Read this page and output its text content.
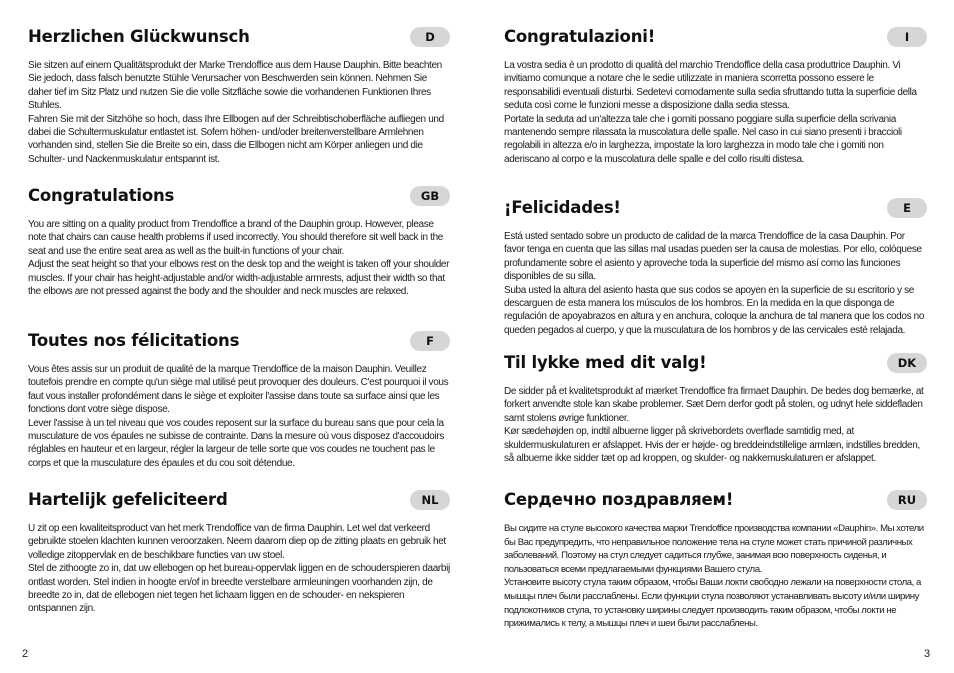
Herzlichen Glückwunsch	D

Sie sitzen auf einem Qualitätsprodukt der Marke Trendoffice aus dem Hause Dauphin. Bitte beachten Sie jedoch, dass falsch benutzte Stühle Verursacher von Beschwerden sein können. Nehmen Sie daher tief im Sitz Platz und nutzen Sie die volle Sitzfläche sowie die vorhandenen Funktionen Ihres Stuhles.

Fahren Sie mit der Sitzhöhe so hoch, dass Ihre Ellbogen auf der Schreibtischoberfläche aufliegen und dabei die Schultermuskulatur entlastet ist. Sofern höhen- und/oder breitenverstellbare Armlehnen vorhanden sind, stellen Sie die Breite so ein, dass die Ellbogen nicht am Körper anliegen und die Schulter- und Nackenmuskulatur entspannt ist.

Congratulations	GB

You are sitting on a quality product from Trendoffice a brand of the Dauphin group. However, please note that chairs can cause health problems if used incorrectly. You should therefore sit well back in the seat and use the entire seat area as well as the built-in functions of your chair.

Adjust the seat height so that your elbows rest on the desk top and the weight is taken off your shoulder muscles. If your chair has height-adjustable and/or width-adjustable armrests, adjust their width so that the elbows are not pressed against the body and the shoulder and neck muscles are relaxed.

Toutes nos félicitations	F

Vous êtes assis sur un produit de qualité de la marque Trendoffice de la maison Dauphin. Veuillez toutefois prendre en compte qu'un siège mal utilisé peut provoquer des douleurs. C'est pourquoi il vous faut vous installer profondément dans le siège et exploiter l'assise dans toute sa surface ainsi que les fonctions dont votre siège dispose.

Lever l'assise à un tel niveau que vos coudes reposent sur la surface du bureau sans que pour cela la musculature de vos épaules ne subisse de contrainte. Dans la mesure où vous disposez d'accoudoirs réglables en hauteur et en largeur, régler la largeur de telle sorte que vos coudes ne touchent pas le corps et que la musculature des épaules et du cou soit détendue.

Hartelijk gefeliciteerd	NL

U zit op een kwaliteitsproduct van het merk Trendoffice van de firma Dauphin. Let wel dat verkeerd gebruikte stoelen klachten kunnen veroorzaken. Neem daarom diep op de zitting plaats en gebruik het volledige zitoppervlak en de beschikbare functies van uw stoel.

Stel de zithoogte zo in, dat uw ellebogen op het bureau-oppervlak liggen en de schouderspieren daarbij ontlast worden. Stel indien in hoogte en/of in breedte verstelbare armleuningen voorhanden zijn, de breedte zo in, dat de ellebogen niet tegen het lichaam liggen en de schouder- en nekspieren ontspannen zijn.

2
Congratulazioni!	I

La vostra sedia è un prodotto di qualità del marchio Trendoffice della casa produttrice Dauphin. Vi invitiamo comunque a notare che le sedie utilizzate in maniera scorretta possono essere le responsabilidi eventuali disturbi. Sedetevi comodamente sulla sedia sfruttando tutta la superficie della seduta così come le funzioni messe a disposizione dalla sedia stessa.

Portate la seduta ad un'altezza tale che i gomiti possano poggiare sulla superficie della scrivania mantenendo sempre rilassata la muscolatura delle spalle. Nel caso in cui siano presenti i braccioli regolabili in altezza e/o in larghezza, impostate la loro larghezza in modo tale che i gomiti non aderiscano al corpo e la muscolatura delle spalle e del collo risulti distesa.

¡Felicidades!	E

Está usted sentado sobre un producto de calidad de la marca Trendoffice de la casa Dauphin. Por favor tenga en cuenta que las sillas mal usadas pueden ser la causa de molestias. Por ello, colóquese profundamente sobre el asiento y aproveche toda la superficie del mismo así como las funciones disponibles de su silla.

Suba usted la altura del asiento hasta que sus codos se apoyen en la superficie de su escritorio y se descarguen de esta manera los músculos de los hombros. En la medida en la que disponga de regulación de apoyabrazos en altura y en anchura, coloque la anchura de tal manera que los codos no queden pegados al cuerpo, y que la musculatura de los hombros y de las cervicales esté relajada.

Til lykke med dit valg!	DK

De sidder på et kvalitetsprodukt af mærket Trendoffice fra firmaet Dauphin. De bedes dog bemærke, at forkert anvendte stole kan skabe problemer. Sæt Dem derfor godt på stolen, og udnyt hele siddefladen samt stolens øvrige funktioner.

Kør sædehøjden op, indtil albuerne ligger på skrivebordets overflade samtidig med, at skuldermuskulaturen er afslappet. Hvis der er højde- og breddeindstillelige armlæn, indstilles bredden, så albuerne ikke sidder tæt op ad kroppen, og skulder- og nakkemuskulaturen er afslappet.

Сердечно поздравляем!	RU

Вы сидите на стуле высокого качества марки Trendoffice производства компании «Dauphin». Мы хотели бы Вас предупредить, что неправильное положение тела на стуле может стать причиной различных заболеваний. Поэтому на стул следует садиться глубже, занимая всю поверхность сиденья, и пользоваться всеми предлагаемыми функциями Вашего стула.

Установите высоту стула таким образом, чтобы Ваши локти свободно лежали на поверхности стола, а мышцы плеч были расслаблены. Если функции стула позволяют устанавливать высоту и/или ширину подлокотников стула, то установку ширины следует производить таким образом, чтобы локти не прижимались к телу, а мышцы плеч и шеи были расслаблены.

3
